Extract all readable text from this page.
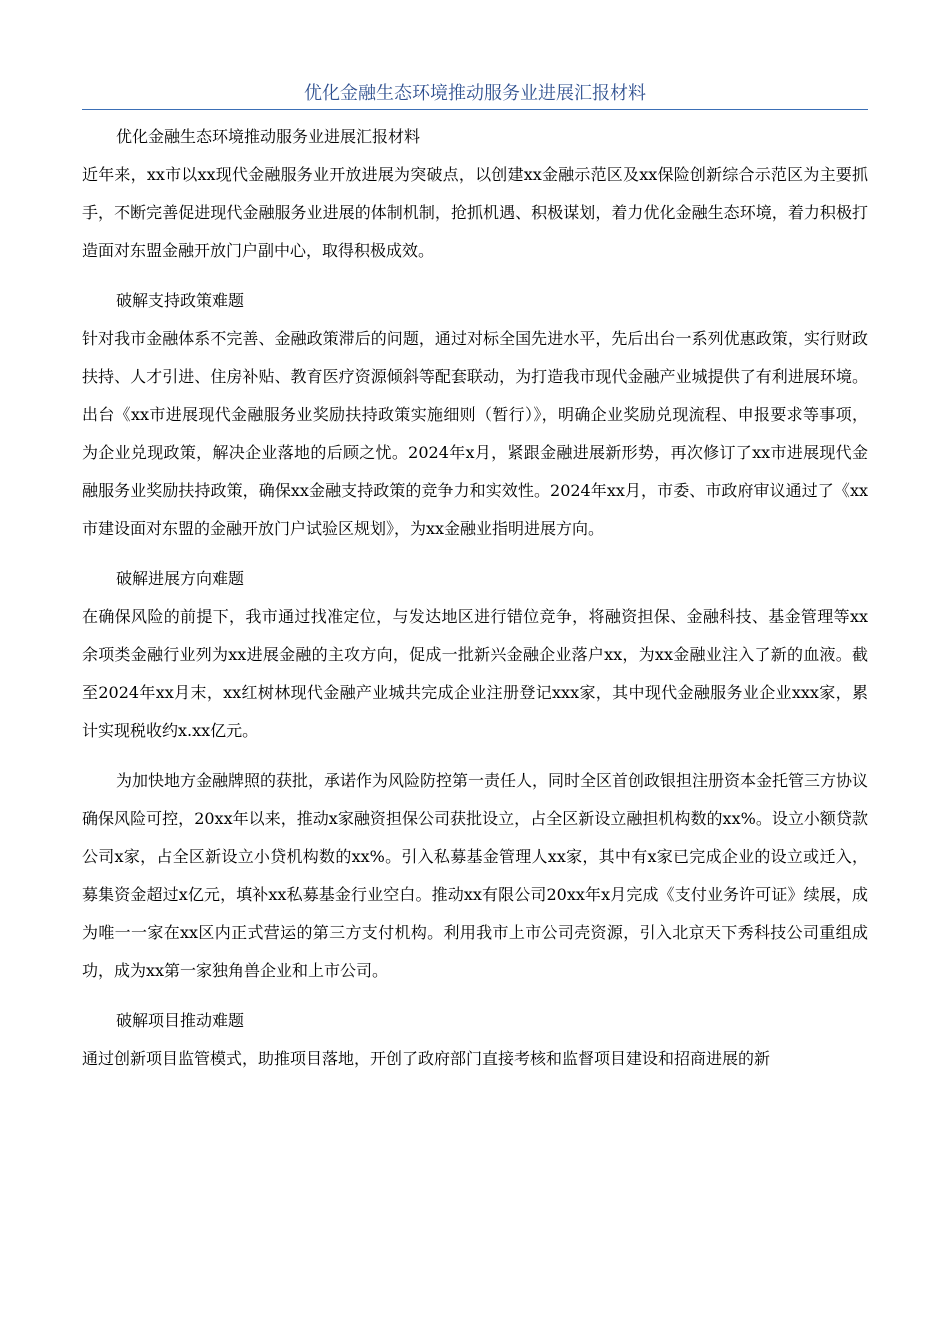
优化金融生态环境推动服务业进展汇报材料

优化金融生态环境推动服务业进展汇报材料

近年来，xx市以xx现代金融服务业开放进展为突破点，以创建xx金融示范区及xx保险创新综合示范区为主要抓手，不断完善促进现代金融服务业进展的体制机制，抢抓机遇、积极谋划，着力优化金融生态环境，着力积极打造面对东盟金融开放门户副中心，取得积极成效。

破解支持政策难题

针对我市金融体系不完善、金融政策滞后的问题，通过对标全国先进水平，先后出台一系列优惠政策，实行财政扶持、人才引进、住房补贴、教育医疗资源倾斜等配套联动，为打造我市现代金融产业城提供了有利进展环境。出台《xx市进展现代金融服务业奖励扶持政策实施细则（暂行）》，明确企业奖励兑现流程、申报要求等事项，为企业兑现政策，解决企业落地的后顾之忧。2024年x月，紧跟金融进展新形势，再次修订了xx市进展现代金融服务业奖励扶持政策，确保xx金融支持政策的竞争力和实效性。2024年xx月，市委、市政府审议通过了《xx市建设面对东盟的金融开放门户试验区规划》，为xx金融业指明进展方向。

破解进展方向难题

在确保风险的前提下，我市通过找准定位，与发达地区进行错位竞争，将融资担保、金融科技、基金管理等xx余项类金融行业列为xx进展金融的主攻方向，促成一批新兴金融企业落户xx，为xx金融业注入了新的血液。截至2024年xx月末，xx红树林现代金融产业城共完成企业注册登记xxx家，其中现代金融服务业企业xxx家，累计实现税收约x.xx亿元。

为加快地方金融牌照的获批，承诺作为风险防控第一责任人，同时全区首创政银担注册资本金托管三方协议确保风险可控，20xx年以来，推动x家融资担保公司获批设立，占全区新设立融担机构数的xx%。设立小额贷款公司x家，占全区新设立小贷机构数的xx%。引入私募基金管理人xx家，其中有x家已完成企业的设立或迁入，募集资金超过x亿元，填补xx私募基金行业空白。推动xx有限公司20xx年x月完成《支付业务许可证》续展，成为唯一一家在xx区内正式营运的第三方支付机构。利用我市上市公司壳资源，引入北京天下秀科技公司重组成功，成为xx第一家独角兽企业和上市公司。

破解项目推动难题

通过创新项目监管模式，助推项目落地，开创了政府部门直接考核和监督项目建设和招商进展的新
